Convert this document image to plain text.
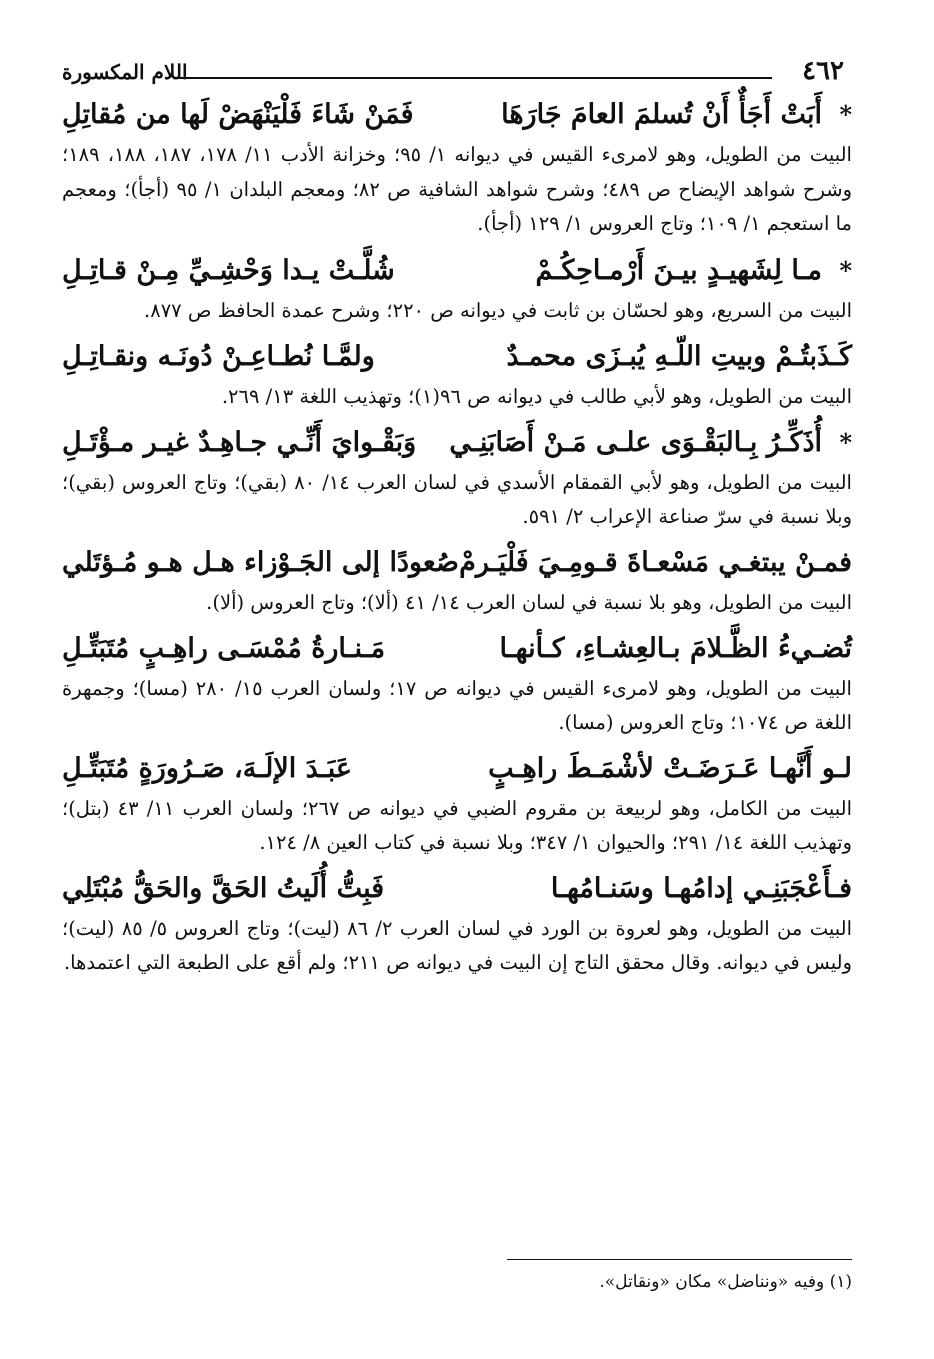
٤٦٢
اللام المكسورة
*أَبَتْ أَجَأٌ أَنْ تُسلمَ العامَ جَارَهَا
فَمَنْ شَاءَ فَلْيَنْهَضْ لَها من مُقاتِلِ

البيت من الطويل، وهو لامرىء القيس في ديوانه ١/ ٩٥؛ وخزانة الأدب ١١/ ١٧٨، ١٨٧، ١٨٨، ١٨٩؛ وشرح شواهد الإيضاح ص ٤٨٩؛ وشرح شواهد الشافية ص ٨٢؛ ومعجم البلدان ١/ ٩٥ (أجأ)؛ ومعجم ما استعجم ١/ ١٠٩؛ وتاج العروس ١/ ١٢٩ (أجأ).

*مـا لِشَهيـدٍ بيـنَ أَرْمـاحِكُـمْ
شُلَّـتْ يـدا وَحْشِـيِّ مِـنْ قـاتِـلِ

البيت من السريع، وهو لحسّان بن ثابت في ديوانه ص ٢٢٠؛ وشرح عمدة الحافظ ص ٨٧٧.

كَـذَبتُـمْ وبيتِ اللّـهِ يُبـزَى محمـدٌ
ولمَّـا نُطـاعِـنْ دُونَـه ونقـاتِـلِ

البيت من الطويل، وهو لأبي طالب في ديوانه ص ٩٦(١)؛ وتهذيب اللغة ١٣/ ٢٦٩.

*أُذَكِّـرُ بِـالبَقْـوَى علـى مَـنْ أَصَابَنِـي
وَبَقْـوايَ أَنِّـي جـاهِـدٌ غيـر مـؤْتَـلِ

البيت من الطويل، وهو لأبي القمقام الأسدي في لسان العرب ١٤/ ٨٠ (بقي)؛ وتاج العروس (بقي)؛ وبلا نسبة في سرّ صناعة الإعراب ٢/ ٥٩١.

فمـنْ يبتغـي مَسْعـاةَ قـومِـيَ فَلْيَـرمْ
صُعودًا إلى الجَـوْزاء هـل هـو مُـؤتَلي

البيت من الطويل، وهو بلا نسبة في لسان العرب ١٤/ ٤١ (ألا)؛ وتاج العروس (ألا).

تُضـيءُ الظَّـلامَ بـالعِشـاءِ، كـأنهـا
مَـنـارةُ مُمْسَـى راهِـبٍ مُتَبَتِّـلِ

البيت من الطويل، وهو لامرىء القيس في ديوانه ص ١٧؛ ولسان العرب ١٥/ ٢٨٠ (مسا)؛ وجمهرة اللغة ص ١٠٧٤؛ وتاج العروس (مسا).

لـو أَنَّهـا عَـرَضَـتْ لأشْمَـطَ راهِـبٍ
عَبَـدَ الإلَـهَ، صَـرُورَةٍ مُتَبَتِّـلِ

البيت من الكامل، وهو لربيعة بن مقروم الضبي في ديوانه ص ٢٦٧؛ ولسان العرب ١١/ ٤٣ (بتل)؛ وتهذيب اللغة ١٤/ ٢٩١؛ والحيوان ١/ ٣٤٧؛ وبلا نسبة في كتاب العين ٨/ ١٢٤.

فـأَعْجَبَنِـي إدامُهـا وسَنـامُهـا
فَبِتُّ أُلَيتُ الحَقَّ والحَقُّ مُبْتَلِي

البيت من الطويل، وهو لعروة بن الورد في لسان العرب ٢/ ٨٦ (ليت)؛ وتاج العروس ٥/ ٨٥ (ليت)؛ وليس في ديوانه. وقال محقق التاج إن البيت في ديوانه ص ٢١١؛ ولم أقع على الطبعة التي اعتمدها.

(١) وفيه «ونناضل» مكان «ونقاتل».
